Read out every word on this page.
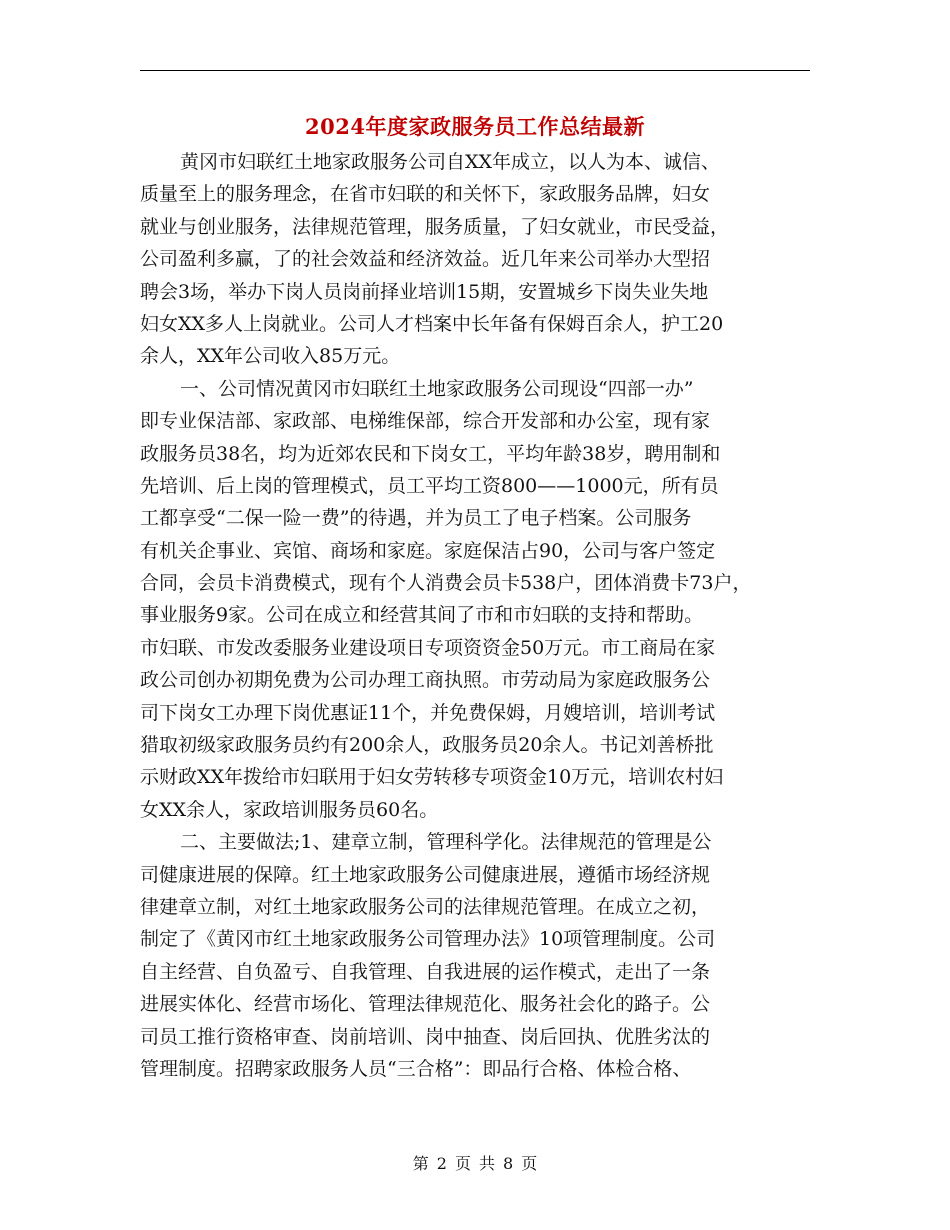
2024年度家政服务员工作总结最新
黄冈市妇联红土地家政服务公司自XX年成立，以人为本、诚信、
质量至上的服务理念，在省市妇联的和关怀下，家政服务品牌，妇女
就业与创业服务，法律规范管理，服务质量，了妇女就业，市民受益，
公司盈利多赢，了的社会效益和经济效益。近几年来公司举办大型招
聘会3场，举办下岗人员岗前择业培训15期，安置城乡下岗失业失地
妇女XX多人上岗就业。公司人才档案中长年备有保姆百余人，护工20
余人，XX年公司收入85万元。
一、公司情况黄冈市妇联红土地家政服务公司现设“四部一办”
即专业保洁部、家政部、电梯维保部，综合开发部和办公室，现有家
政服务员38名，均为近郊农民和下岗女工，平均年龄38岁，聘用制和
先培训、后上岗的管理模式，员工平均工资800——1000元，所有员
工都享受“二保一险一费”的待遇，并为员工了电子档案。公司服务
有机关企事业、宾馆、商场和家庭。家庭保洁占90，公司与客户签定
合同，会员卡消费模式，现有个人消费会员卡538户，团体消费卡73户，
事业服务9家。公司在成立和经营其间了市和市妇联的支持和帮助。
市妇联、市发改委服务业建设项日专项资资金50万元。市工商局在家
政公司创办初期免费为公司办理工商执照。市劳动局为家庭政服务公
司下岗女工办理下岗优惠证11个，并免费保姆，月嫂培训，培训考试
猎取初级家政服务员约有200余人，政服务员20余人。书记刘善桥批
示财政XX年拨给市妇联用于妇女劳转移专项资金10万元，培训农村妇
女XX余人，家政培训服务员60名。
二、主要做法;1、建章立制，管理科学化。法律规范的管理是公
司健康进展的保障。红土地家政服务公司健康进展，遵循市场经济规
律建章立制，对红土地家政服务公司的法律规范管理。在成立之初，
制定了《黄冈市红土地家政服务公司管理办法》10项管理制度。公司
自主经营、自负盈亏、自我管理、自我进展的运作模式，走出了一条
进展实体化、经营市场化、管理法律规范化、服务社会化的路子。公
司员工推行资格审查、岗前培训、岗中抽查、岗后回执、优胜劣汰的
管理制度。招聘家政服务人员“三合格”：即品行合格、体检合格、
第 2 页 共 8 页
